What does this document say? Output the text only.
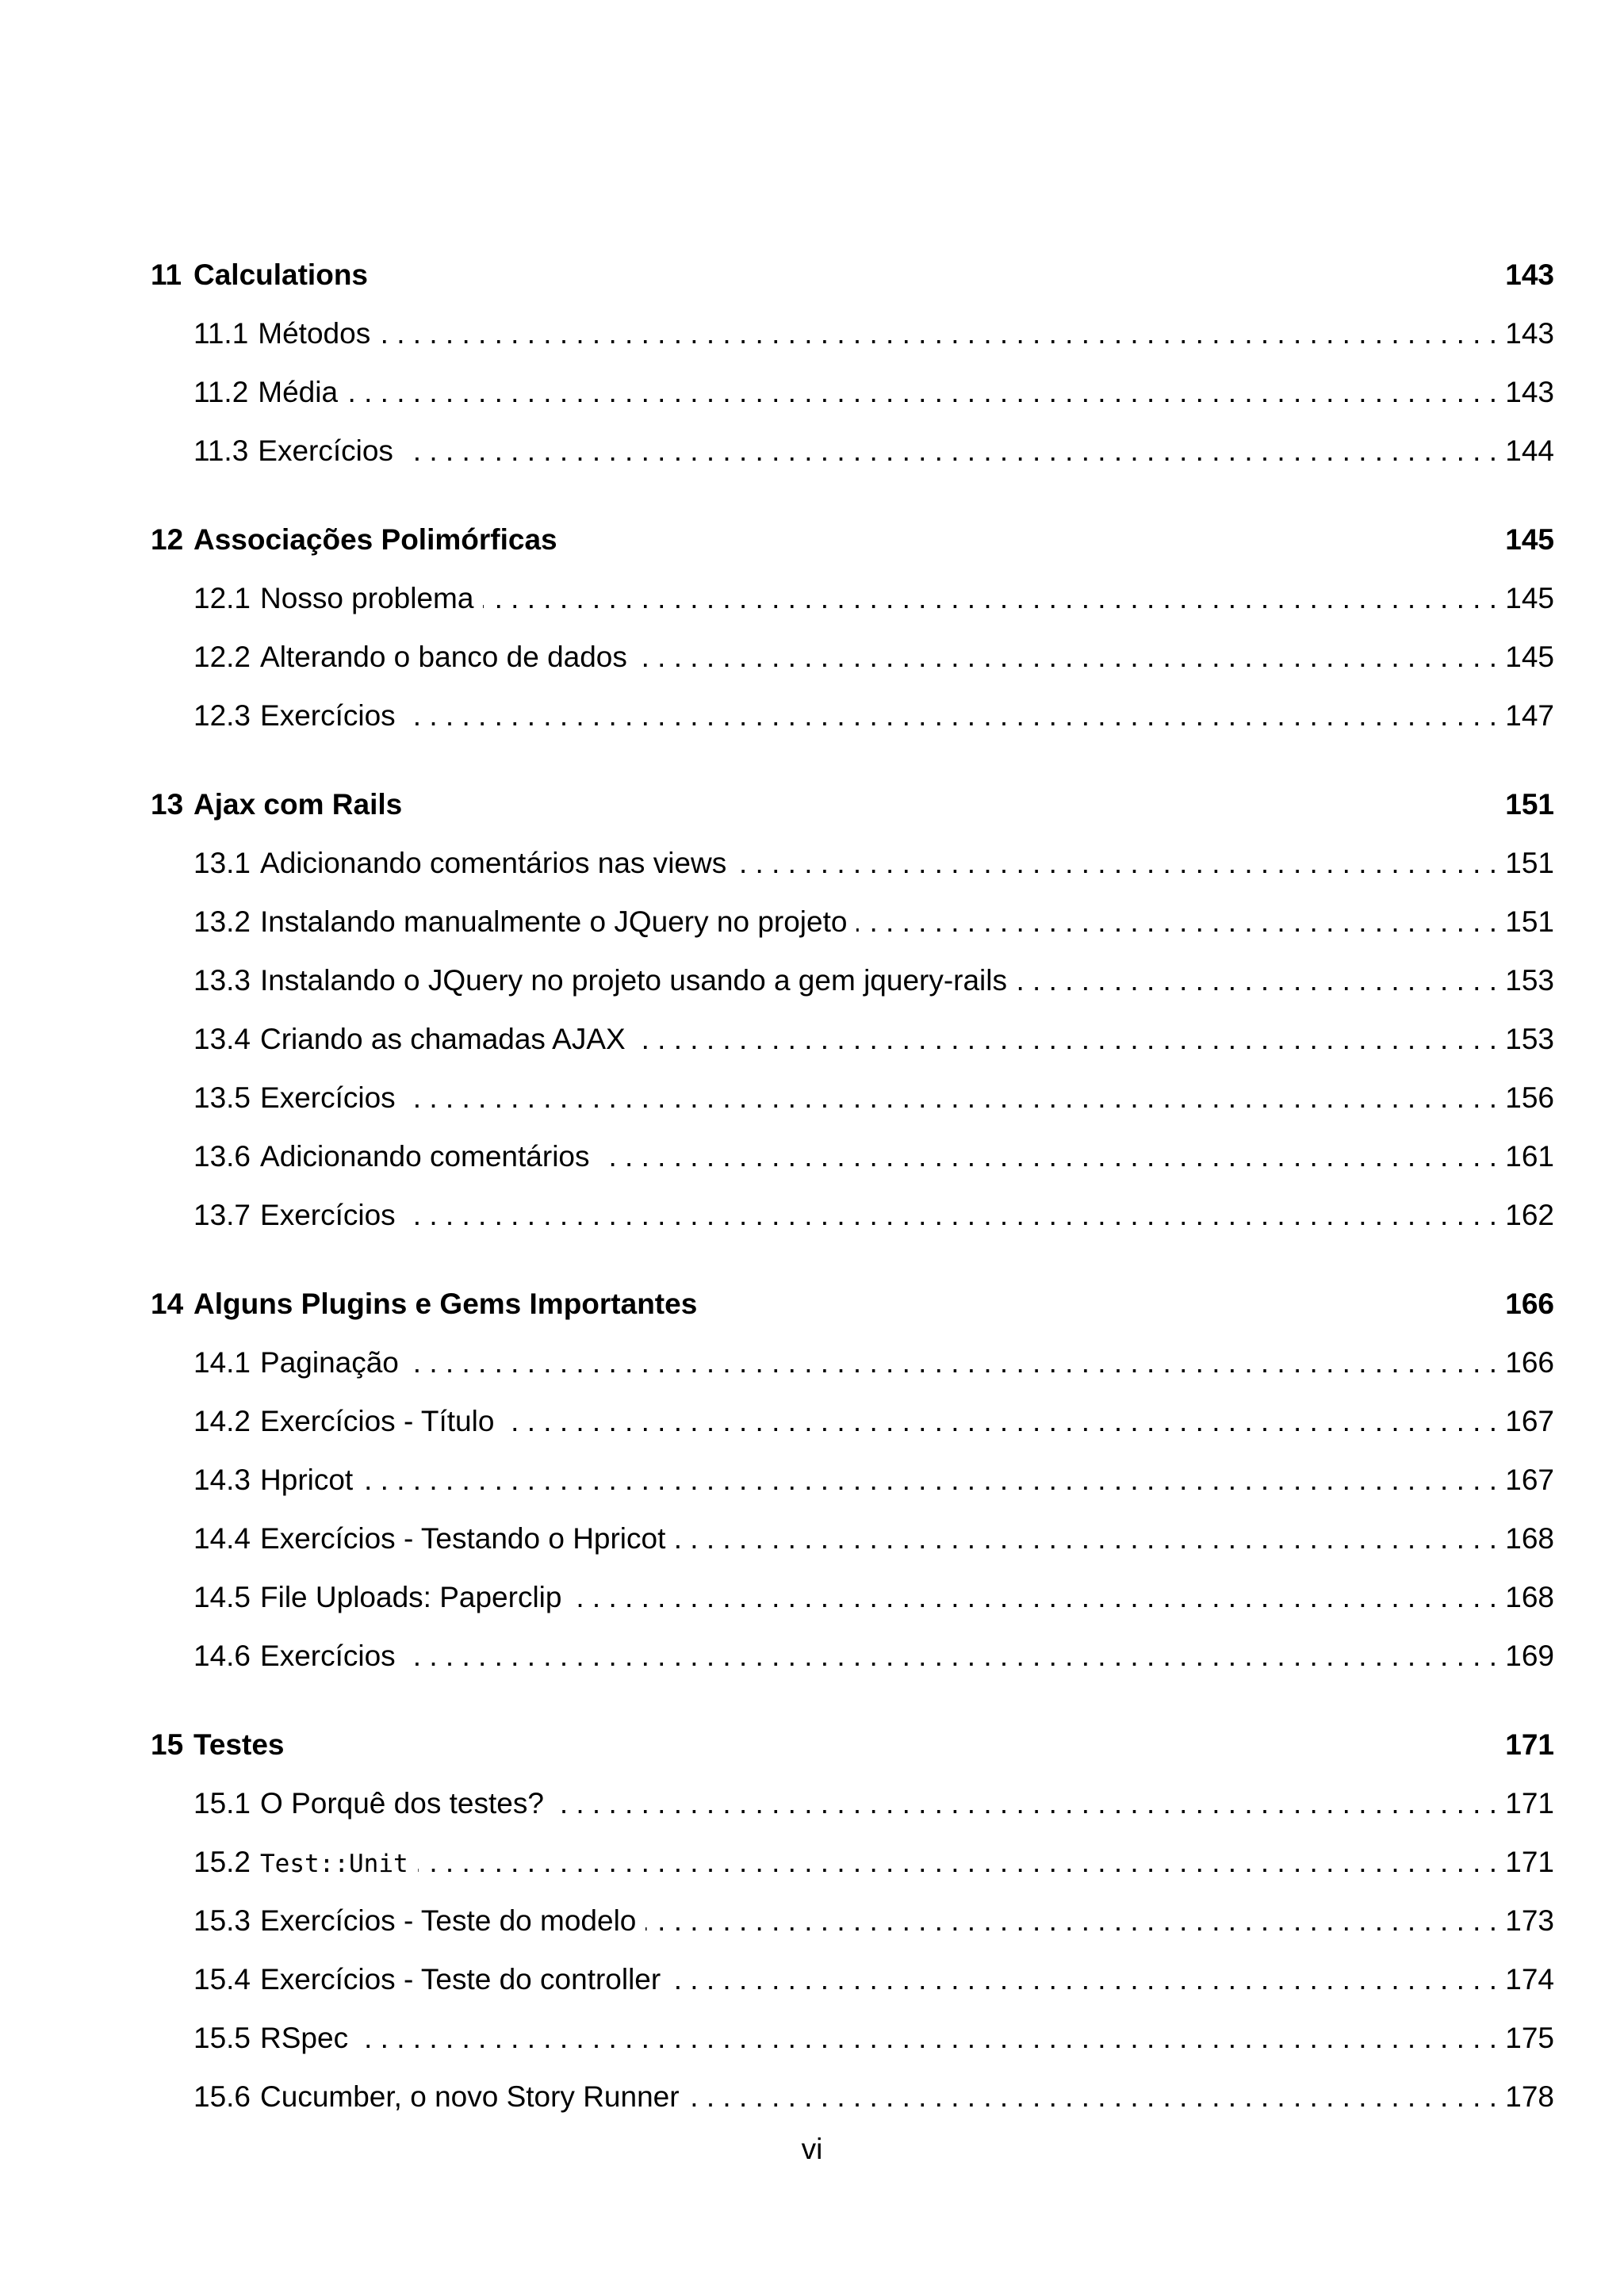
11 Calculations	143
11.1 Métodos . . .	143
11.2 Média . . .	143
11.3 Exercícios . . .	144
12 Associações Polimórficas	145
12.1 Nosso problema . . .	145
12.2 Alterando o banco de dados . . .	145
12.3 Exercícios . . .	147
13 Ajax com Rails	151
13.1 Adicionando comentários nas views . . .	151
13.2 Instalando manualmente o JQuery no projeto . . .	151
13.3 Instalando o JQuery no projeto usando a gem jquery-rails . . .	153
13.4 Criando as chamadas AJAX . . .	153
13.5 Exercícios . . .	156
13.6 Adicionando comentários . . .	161
13.7 Exercícios . . .	162
14 Alguns Plugins e Gems Importantes	166
14.1 Paginação . . .	166
14.2 Exercícios - Título . . .	167
14.3 Hpricot . . .	167
14.4 Exercícios - Testando o Hpricot . . .	168
14.5 File Uploads: Paperclip . . .	168
14.6 Exercícios . . .	169
15 Testes	171
15.1 O Porquê dos testes? . . .	171
15.2 Test::Unit . . .	171
15.3 Exercícios - Teste do modelo . . .	173
15.4 Exercícios - Teste do controller . . .	174
15.5 RSpec . . .	175
15.6 Cucumber, o novo Story Runner . . .	178
vi
